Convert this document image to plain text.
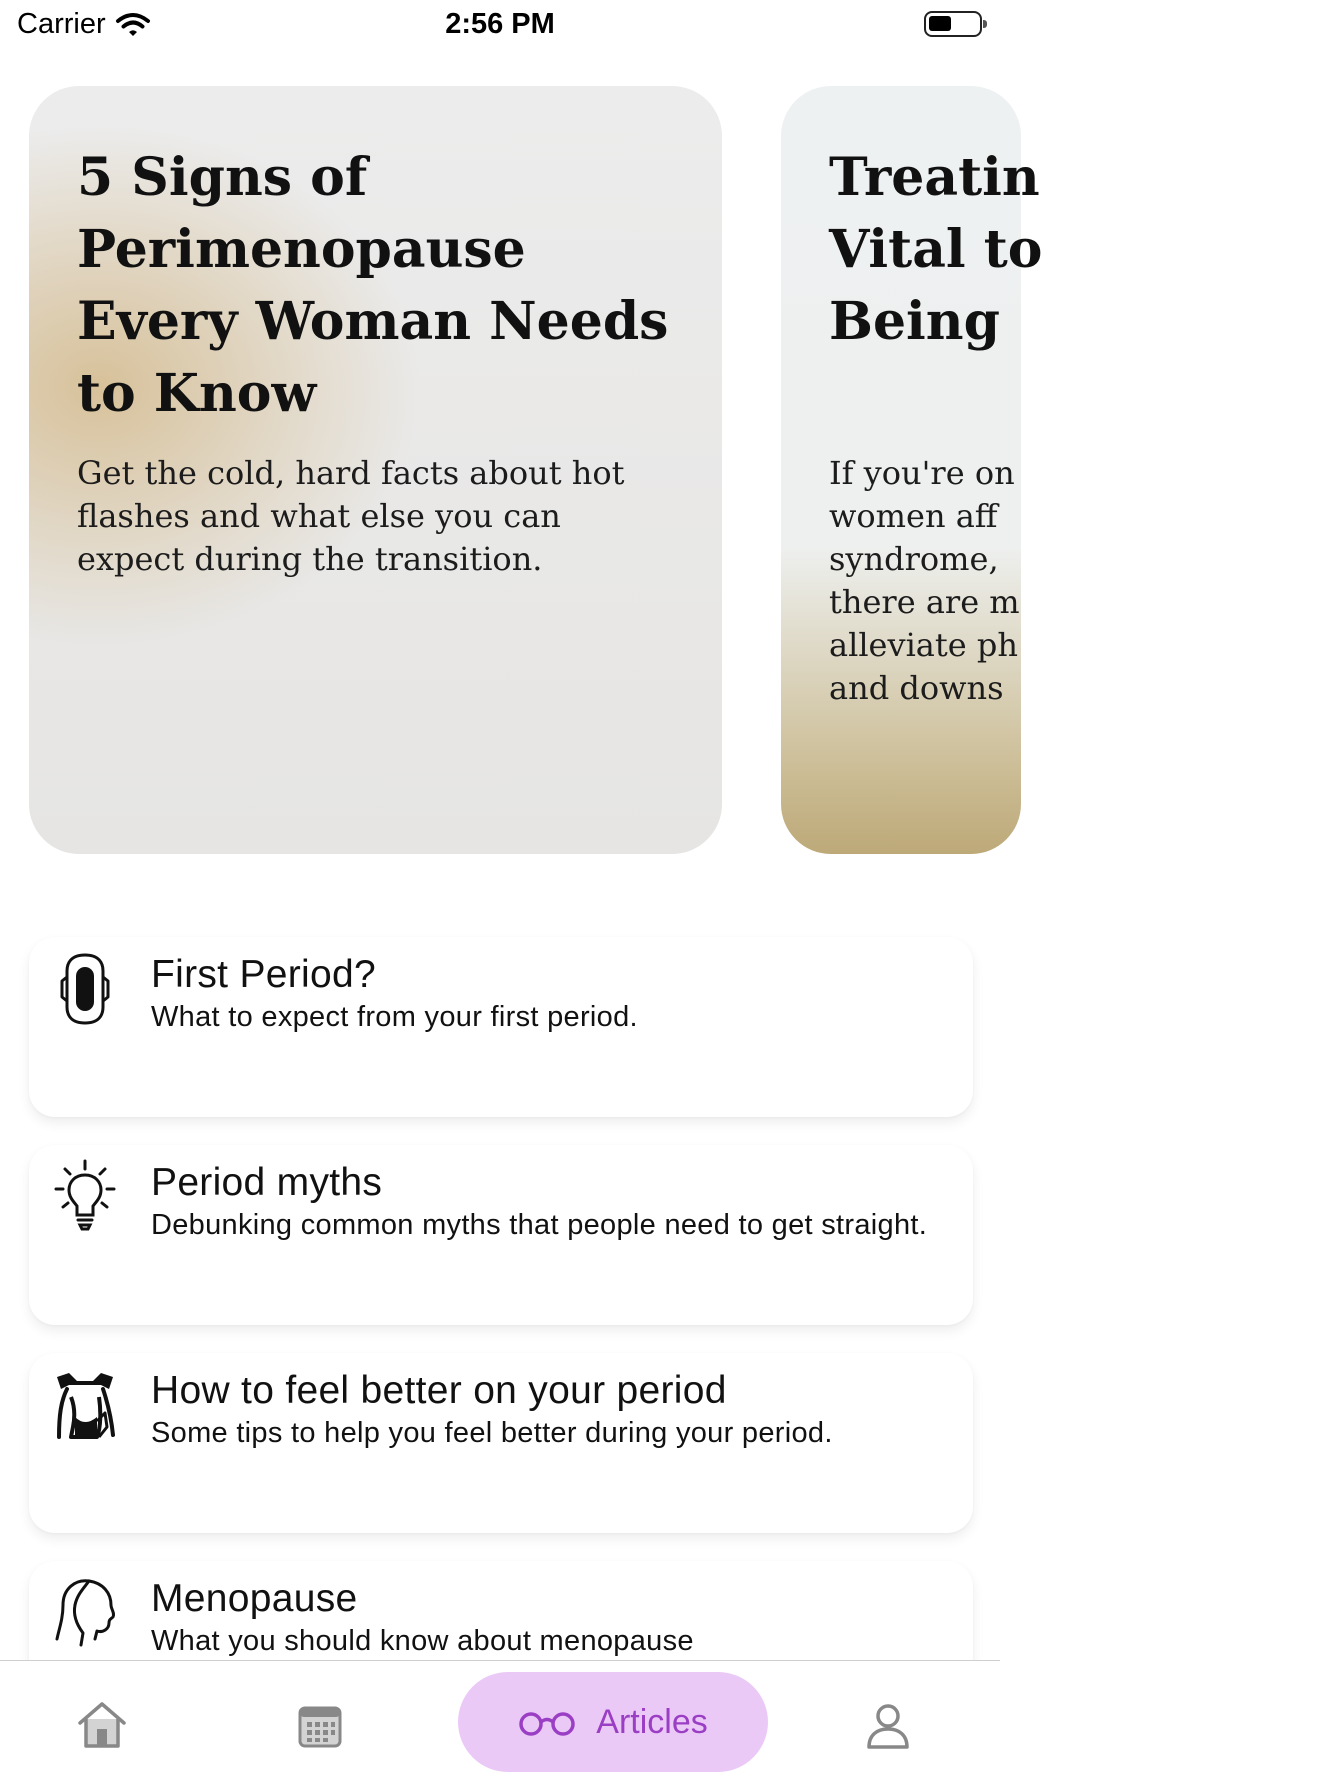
Carrier	2:56 PM
5 Signs of Perimenopause Every Woman Needs to Know
Get the cold, hard facts about hot flashes and what else you can expect during the transition.
Treatin
Vital to
Being
If you're on
women aff
syndrome,
there are m
alleviate ph
and downs
First Period?
What to expect from your first period.
Period myths
Debunking common myths that people need to get straight.
How to feel better on your period
Some tips to help you feel better during your period.
Menopause
What you should know about menopause
Articles
